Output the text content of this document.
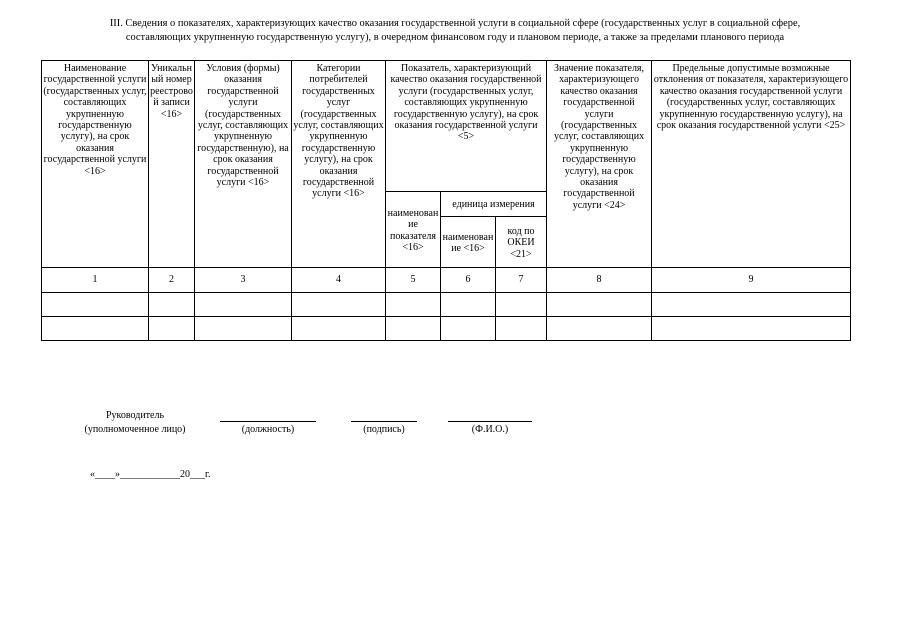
III. Сведения о показателях, характеризующих качество оказания государственной услуги в социальной сфере (государственных услуг в социальной сфере,
составляющих укрупненную государственную услугу), в очередном финансовом году и плановом периоде, а также за пределами планового периода
Наименование государственной услуги (государственных услуг, составляющих укрупненную государственную услугу), на срок оказания государственной услуги <16>	Уникальный номер реестровой записи <16>	Условия (формы) оказания государственной услуги (государственных услуг, составляющих укрупненную государственную), на срок оказания государственной услуги <16>	Категории потребителей государственных услуг (государственных услуг, составляющих укрупненную государственную услугу), на срок оказания государственной услуги <16>	Показатель, характеризующий качество оказания государственной услуги (государственных услуг, составляющих укрупненную государственную услугу), на срок оказания государственной услуги <5>			Значение показателя, характеризующего качество оказания государственной услуги (государственных услуг, составляющих укрупненную государственную услугу), на срок оказания государственной услуги <24>	Предельные допустимые возможные отклонения от показателя, характеризующего качество оказания государственной услуги (государственных услуг, составляющих укрупненную государственную услугу), на срок оказания государственной услуги <25>
				наименование показателя <16>	единица измерения			
					наименование <16>	код по ОКЕИ <21>		
1	2	3	4	5	6	7	8	9

Руководитель
(уполномоченное лицо)	(должность)	(подпись)	(Ф.И.О.)
«____»____________20___г.
